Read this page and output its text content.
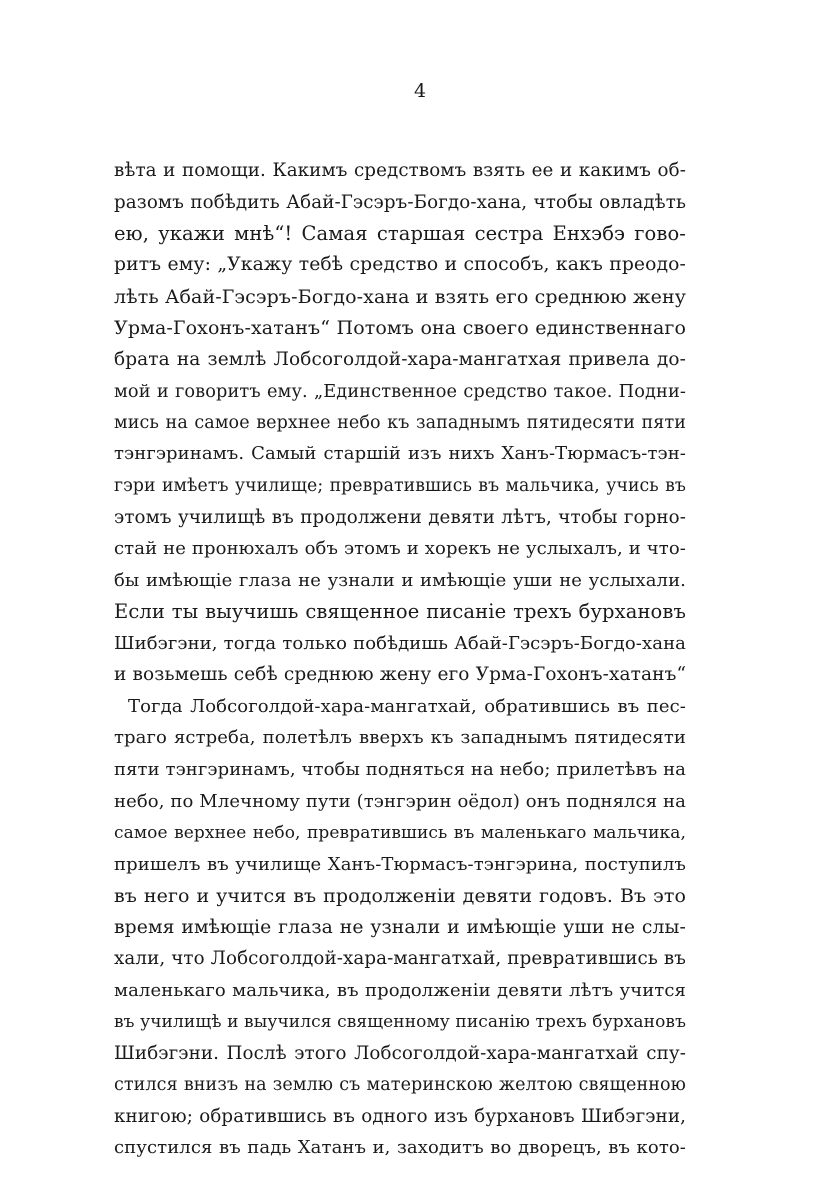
4
вѣта и помощи. Какимъ средствомъ взять ее и какимъ об-
разомъ побѣдить Абай-Гэсэръ-Богдо-хана, чтобы овладѣть
ею, укажи мнѣ“! Самая старшая сестра Енхэбэ гово-
ритъ ему: „Укажу тебѣ средство и способъ, какъ преодо-
лѣть Абай-Гэсэръ-Богдо-хана и взять его среднюю жену
Урма-Гохонъ-хатанъ“ Потомъ она своего единственнаго
брата на землѣ Лобсоголдой-хара-мангатхая привела до-
мой и говоритъ ему. „Единственное средство такое. Подни-
мись на самое верхнее небо къ западнымъ пятидесяти пяти
тэнгэринамъ. Самый старшій изъ нихъ Ханъ-Тюрмасъ-тэн-
гэри имѣетъ училище; превратившись въ мальчика, учись въ
этомъ училищѣ въ продолжени девяти лѣтъ, чтобы горно-
стай не пронюхалъ объ этомъ и хорекъ не услыхалъ, и что-
бы имѣющіе глаза не узнали и имѣющіе уши не услыхали.
Если ты выучишь священное писаніе трехъ бурхановъ
Шибэгэни, тогда только побѣдишь Абай-Гэсэръ-Богдо-хана
и возьмешь себѣ среднюю жену его Урма-Гохонъ-хатанъ“
Тогда Лобсоголдой-хара-мангатхай, обратившись въ пес-
траго ястреба, полетѣлъ вверхъ къ западнымъ пятидесяти
пяти тэнгэринамъ, чтобы подняться на небо; прилетѣвъ на
небо, по Млечному пути (тэнгэрин оёдол) онъ поднялся на
самое верхнее небо, превратившись въ маленькаго мальчика,
пришелъ въ училище Ханъ-Тюрмасъ-тэнгэрина, поступилъ
въ него и учится въ продолженіи девяти годовъ. Въ это
время имѣющіе глаза не узнали и имѣющіе уши не слы-
хали, что Лобсоголдой-хара-мангатхай, превратившись въ
маленькаго мальчика, въ продолженіи девяти лѣтъ учится
въ училищѣ и выучился священному писанію трехъ бурхановъ
Шибэгэни. Послѣ этого Лобсоголдой-хара-мангатхай спу-
стился внизъ на землю съ материнскою желтою священною
книгою; обратившись въ одного изъ бурхановъ Шибэгэни,
спустился въ падь Хатанъ и, заходитъ во дворецъ, въ кото-
